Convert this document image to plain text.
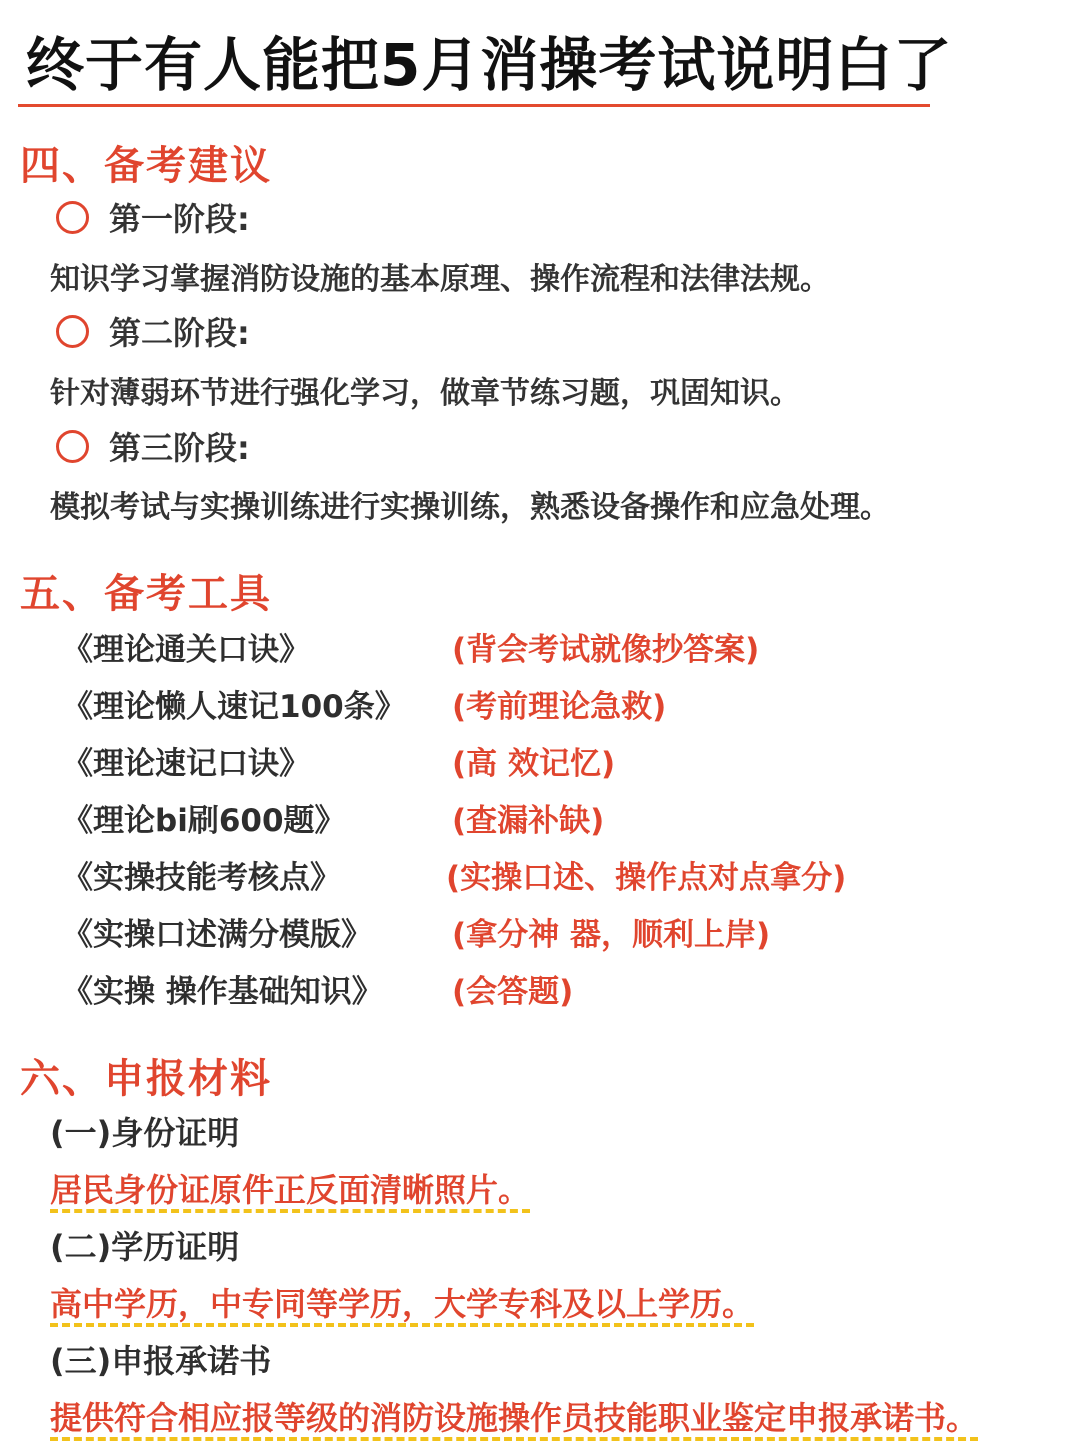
终于有人能把5月消操考试说明白了
四、备考建议
第一阶段:
知识学习掌握消防设施的基本原理、操作流程和法律法规。
第二阶段:
针对薄弱环节进行强化学习，做章节练习题，巩固知识。
第三阶段:
模拟考试与实操训练进行实操训练，熟悉设备操作和应急处理。
五、备考工具
《理论通关口诀》	(背会考试就像抄答案)
《理论懒人速记100条》 (考前理论急救)
《理论速记口诀》	(高 效记忆)
《理论bi刷600题》	(查漏补缺)
《实操技能考核点》	(实操口述、操作点对点拿分)
《实操口述满分模版》	(拿分神 器，顺利上岸)
《实操 操作基础知识》 (会答题)
六、申报材料
(一)身份证明
居民身份证原件正反面清晰照片。
(二)学历证明
高中学历，中专同等学历，大学专科及以上学历。
(三)申报承诺书
提供符合相应报等级的消防设施操作员技能职业鉴定申报承诺书。
